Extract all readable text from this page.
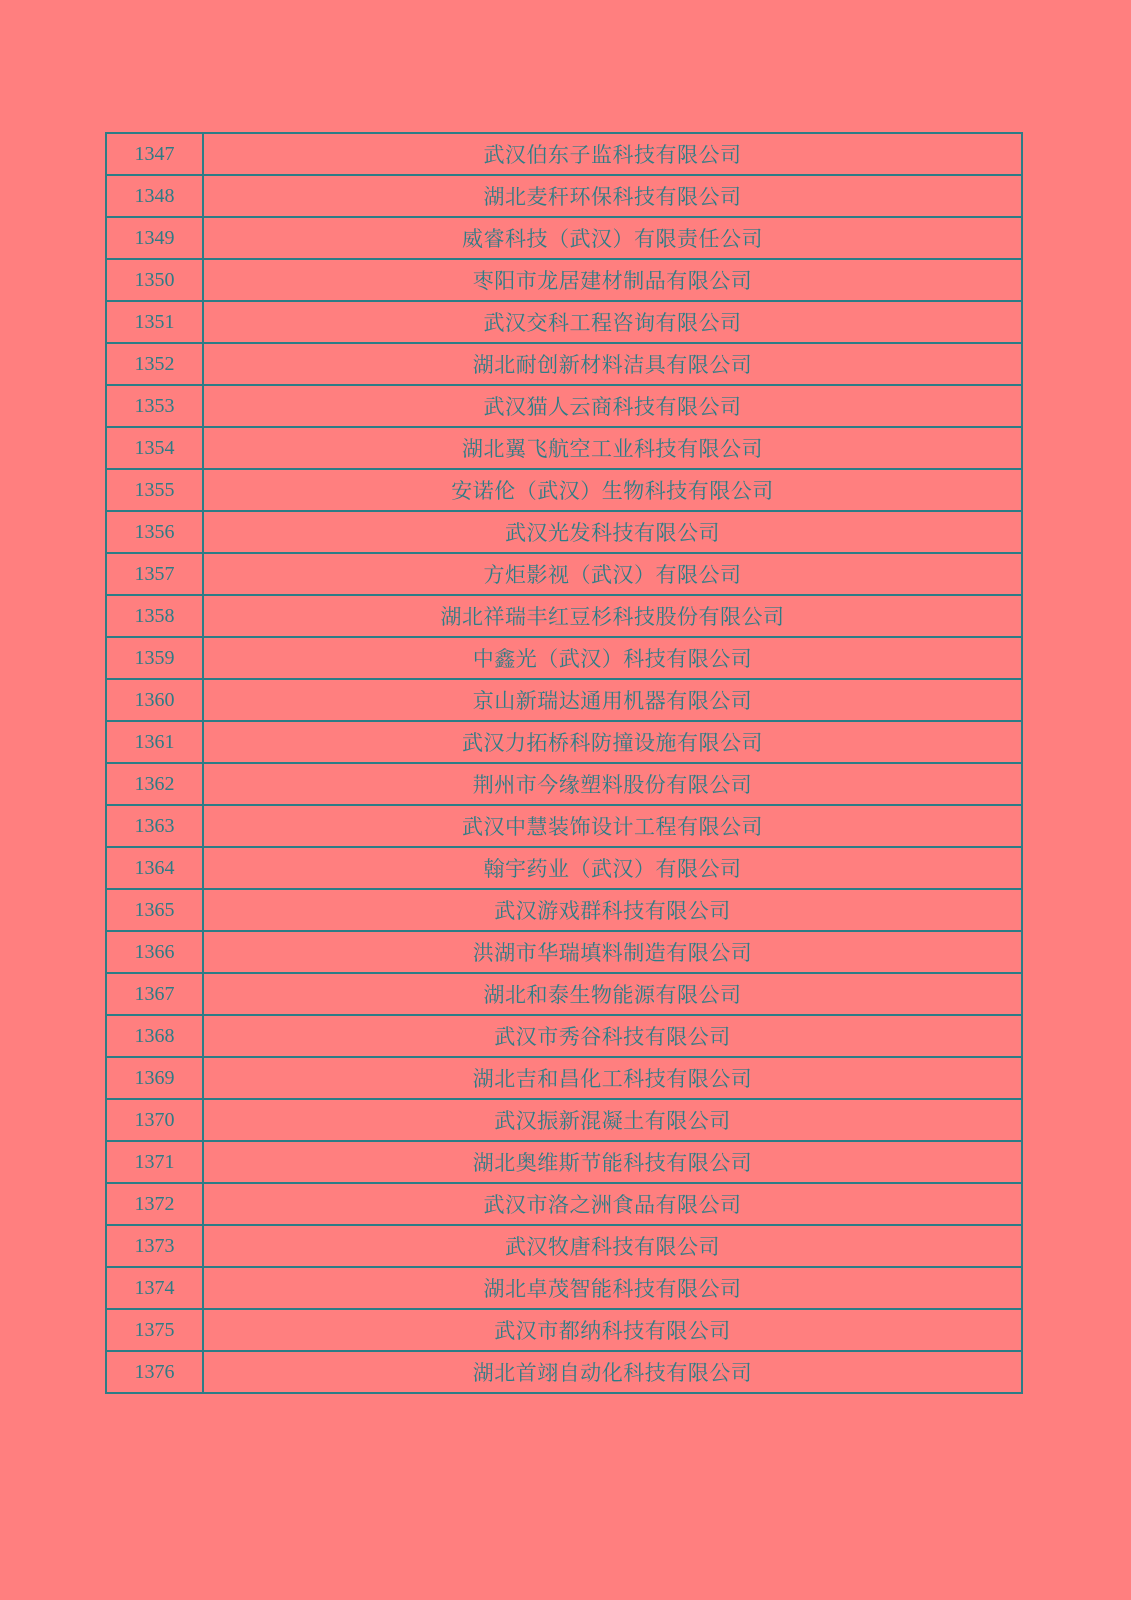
1347	武汉伯东子监科技有限公司
1348	湖北麦秆环保科技有限公司
1349	威睿科技（武汉）有限责任公司
1350	枣阳市龙居建材制品有限公司
1351	武汉交科工程咨询有限公司
1352	湖北耐创新材料洁具有限公司
1353	武汉猫人云商科技有限公司
1354	湖北翼飞航空工业科技有限公司
1355	安诺伦（武汉）生物科技有限公司
1356	武汉光发科技有限公司
1357	方炬影视（武汉）有限公司
1358	湖北祥瑞丰红豆杉科技股份有限公司
1359	中鑫光（武汉）科技有限公司
1360	京山新瑞达通用机器有限公司
1361	武汉力拓桥科防撞设施有限公司
1362	荆州市今缘塑料股份有限公司
1363	武汉中慧装饰设计工程有限公司
1364	翰宇药业（武汉）有限公司
1365	武汉游戏群科技有限公司
1366	洪湖市华瑞填料制造有限公司
1367	湖北和泰生物能源有限公司
1368	武汉市秀谷科技有限公司
1369	湖北吉和昌化工科技有限公司
1370	武汉振新混凝土有限公司
1371	湖北奥维斯节能科技有限公司
1372	武汉市洛之洲食品有限公司
1373	武汉牧唐科技有限公司
1374	湖北卓茂智能科技有限公司
1375	武汉市都纳科技有限公司
1376	湖北首翊自动化科技有限公司
